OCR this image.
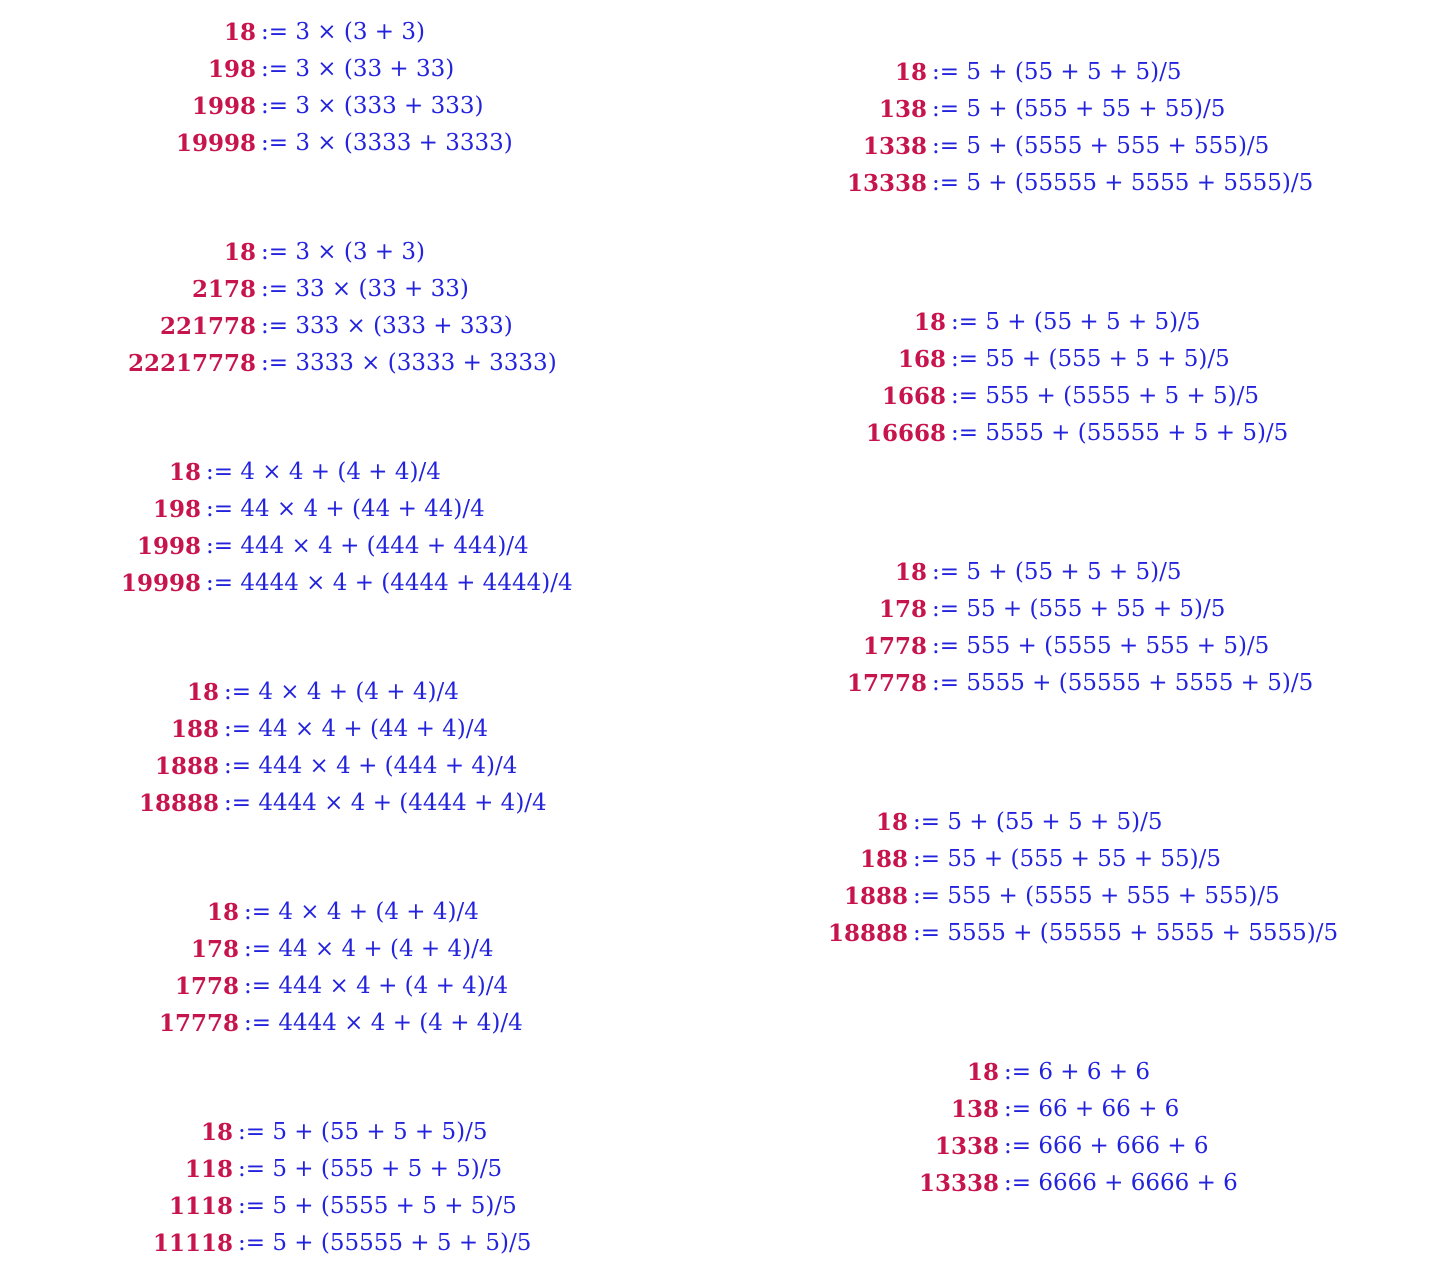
18 := 3 × (3 + 3)
198 := 3 × (33 + 33)
1998 := 3 × (333 + 333)
19998 := 3 × (3333 + 3333)
18 := 3 × (3 + 3)
2178 := 33 × (33 + 33)
221778 := 333 × (333 + 333)
22217778 := 3333 × (3333 + 3333)
18 := 4 × 4 + (4 + 4)/4
198 := 44 × 4 + (44 + 44)/4
1998 := 444 × 4 + (444 + 444)/4
19998 := 4444 × 4 + (4444 + 4444)/4
18 := 4 × 4 + (4 + 4)/4
188 := 44 × 4 + (44 + 4)/4
1888 := 444 × 4 + (444 + 4)/4
18888 := 4444 × 4 + (4444 + 4)/4
18 := 4 × 4 + (4 + 4)/4
178 := 44 × 4 + (4 + 4)/4
1778 := 444 × 4 + (4 + 4)/4
17778 := 4444 × 4 + (4 + 4)/4
18 := 5 + (55 + 5 + 5)/5
118 := 5 + (555 + 5 + 5)/5
1118 := 5 + (5555 + 5 + 5)/5
11118 := 5 + (55555 + 5 + 5)/5
18 := 5 + (55 + 5 + 5)/5
138 := 5 + (555 + 55 + 55)/5
1338 := 5 + (5555 + 555 + 555)/5
13338 := 5 + (55555 + 5555 + 5555)/5
18 := 5 + (55 + 5 + 5)/5
168 := 55 + (555 + 5 + 5)/5
1668 := 555 + (5555 + 5 + 5)/5
16668 := 5555 + (55555 + 5 + 5)/5
18 := 5 + (55 + 5 + 5)/5
178 := 55 + (555 + 55 + 5)/5
1778 := 555 + (5555 + 555 + 5)/5
17778 := 5555 + (55555 + 5555 + 5)/5
18 := 5 + (55 + 5 + 5)/5
188 := 55 + (555 + 55 + 55)/5
1888 := 555 + (5555 + 555 + 555)/5
18888 := 5555 + (55555 + 5555 + 5555)/5
18 := 6 + 6 + 6
138 := 66 + 66 + 6
1338 := 666 + 666 + 6
13338 := 6666 + 6666 + 6
